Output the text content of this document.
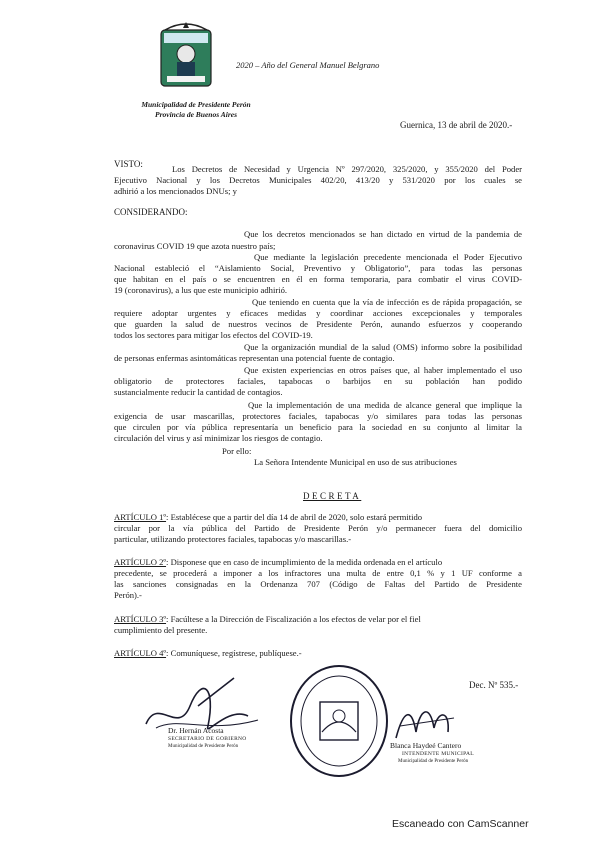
2020 – Año del General Manuel Belgrano
Municipalidad de Presidente Perón
Provincia de Buenos Aires
Guernica, 13 de abril de 2020.-
VISTO:	Los Decretos de Necesidad y Urgencia Nº 297/2020, 325/2020, y 355/2020 del Poder
Ejecutivo Nacional y los Decretos Municipales 402/20, 413/20 y 531/2020 por los cuales se
adhirió a los mencionados DNUs; y
CONSIDERANDO:
Que los decretos mencionados se han dictado en virtud de la pandemia de
coronavirus COVID 19 que azota nuestro país;
Que mediante la legislación precedente mencionada el Poder Ejecutivo
Nacional estableció el “Aislamiento Social, Preventivo y Obligatorio”, para todas las personas
que habitan en el país o se encuentren en él en forma temporaria, para combatir el virus COVID-
19 (coronavirus), a lus que este municipio adhirió.
Que teniendo en cuenta que la vía de infección es de rápida propagación, se
requiere adoptar urgentes y eficaces medidas y coordinar acciones excepcionales y temporales
que guarden la salud de nuestros vecinos de Presidente Perón, aunando esfuerzos y cooperando
todos los sectores para mitigar los efectos del COVID-19.
Que la organización mundial de la salud (OMS) informo sobre la posibilidad
de personas enfermas asintomáticas representan una potencial fuente de contagio.
Que existen experiencias en otros países que, al haber implementado el uso
obligatorio de protectores faciales, tapabocas o barbijos en su población han podido
sustancialmente reducir la cantidad de contagios.
Que la implementación de una medida de alcance general que implique la
exigencia de usar mascarillas, protectores faciales, tapabocas y/o similares para todas las personas
que circulen por vía pública representaría un beneficio para la sociedad en su conjunto al limitar la
circulación del virus y así minimizar los riesgos de contagio.
Por ello:
La Señora Intendente Municipal en uso de sus atribuciones
DECRETA
ARTÍCULO 1º: Establécese que a partir del día 14 de abril de 2020, solo estará permitido
circular por la vía pública del Partido de Presidente Perón y/o permanecer fuera del domicilio
particular, utilizando protectores faciales, tapabocas y/o mascarillas.-
ARTÍCULO 2º: Disponese que en caso de incumplimiento de la medida ordenada en el artículo
precedente, se procederá a imponer a los infractores una multa de entre 0,1 % y 1 UF conforme a
las sanciones consignadas en la Ordenanza 707 (Código de Faltas del Partido de Presidente
Perón).-
ARTÍCULO 3º: Facúltese a la Dirección de Fiscalización a los efectos de velar por el fiel
cumplimiento del presente.
ARTÍCULO 4º: Comuníquese, regístrese, publíquese.-
Dec. Nº 535.-
Dr. Hernán Acosta
SECRETARIO DE GOBIERNO
Municipalidad de Presidente Perón	Blanca Haydeé Cantero
INTENDENTE MUNICIPAL
Municipalidad de Presidente Perón
Escaneado con CamScanner
